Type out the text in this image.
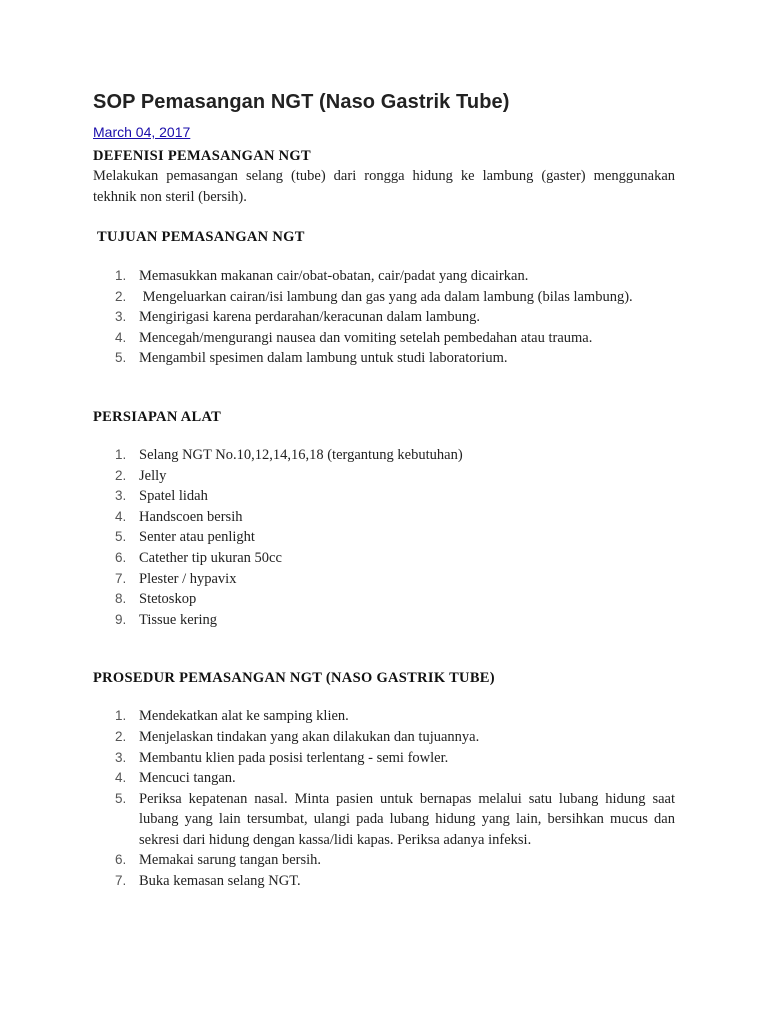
SOP Pemasangan NGT (Naso Gastrik Tube)
March 04, 2017

DEFENISI PEMASANGAN NGT

Melakukan pemasangan selang (tube) dari rongga hidung ke lambung (gaster) menggunakan tekhnik non steril (bersih).

TUJUAN PEMASANGAN NGT

1. Memasukkan makanan cair/obat-obatan, cair/padat yang dicairkan.
2. Mengeluarkan cairan/isi lambung dan gas yang ada dalam lambung (bilas lambung).
3. Mengirigasi karena perdarahan/keracunan dalam lambung.
4. Mencegah/mengurangi nausea dan vomiting setelah pembedahan atau trauma.
5. Mengambil spesimen dalam lambung untuk studi laboratorium.

PERSIAPAN ALAT

1. Selang NGT No.10,12,14,16,18 (tergantung kebutuhan)
2. Jelly
3. Spatel lidah
4. Handscoen bersih
5. Senter atau penlight
6. Catether tip ukuran 50cc
7. Plester / hypavix
8. Stetoskop
9. Tissue kering

PROSEDUR PEMASANGAN NGT (NASO GASTRIK TUBE)

1. Mendekatkan alat ke samping klien.
2. Menjelaskan tindakan yang akan dilakukan dan tujuannya.
3. Membantu klien pada posisi terlentang - semi fowler.
4. Mencuci tangan.
5. Periksa kepatenan nasal. Minta pasien untuk bernapas melalui satu lubang hidung saat lubang yang lain tersumbat, ulangi pada lubang hidung yang lain, bersihkan mucus dan sekresi dari hidung dengan kassa/lidi kapas. Periksa adanya infeksi.
6. Memakai sarung tangan bersih.
7. Buka kemasan selang NGT.
